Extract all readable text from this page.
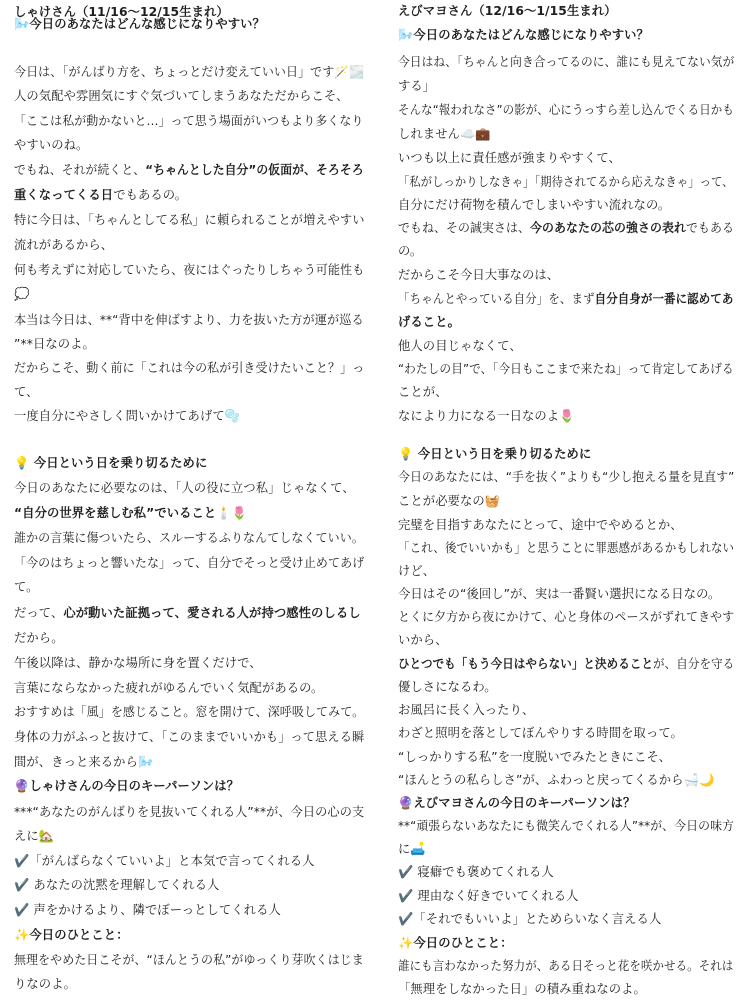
しゃけさん（11/16〜12/15生まれ）
🌬️今日のあなたはどんな感じになりやすい？
今日は、「がんばり方を、ちょっとだけ変えていい日」です🪄🌫️
人の気配や雰囲気にすぐ気づいてしまうあなただからこそ、
「ここは私が動かないと…」って思う場面がいつもより多くなり
やすいのね。
でもね、それが続くと、“ちゃんとした自分”の仮面が、そろそろ
重くなってくる日でもあるの。
特に今日は、「ちゃんとしてる私」に頼られることが増えやすい
流れがあるから、
何も考えずに対応していたら、夜にはぐったりしちゃう可能性も
💭
本当は今日は、**“背中を伸ばすより、力を抜いた方が運が巡る
”**日なのよ。
だからこそ、動く前に「これは今の私が引き受けたいこと？」っ
て、
一度自分にやさしく問いかけてあげて🫧
💡 今日という日を乗り切るために
今日のあなたに必要なのは、「人の役に立つ私」じゃなくて、
“自分の世界を慈しむ私”でいること🕯️🌷
誰かの言葉に傷ついたら、スルーするふりなんてしなくていい。
「今のはちょっと響いたな」って、自分でそっと受け止めてあげ
て。
だって、心が動いた証拠って、愛される人が持つ感性のしるし
だから。
午後以降は、静かな場所に身を置くだけで、
言葉にならなかった疲れがゆるんでいく気配があるの。
おすすめは「風」を感じること。窓を開けて、深呼吸してみて。
身体の力がふっと抜けて、「このままでいいかも」って思える瞬
間が、きっと来るから🌬️
🔮しゃけさんの今日のキーパーソンは？
***“あなたのがんばりを見抜いてくれる人”**が、今日の心の支
えに🏡
✔️「がんばらなくていいよ」と本気で言ってくれる人
✔️ あなたの沈黙を理解してくれる人
✔️ 声をかけるより、隣でぼーっとしてくれる人
✨今日のひとこと：
無理をやめた日こそが、“ほんとうの私”がゆっくり芽吹くはじま
りなのよ。
えびマヨさん（12/16〜1/15生まれ）
🌬️今日のあなたはどんな感じになりやすい？
今日はね、「ちゃんと向き合ってるのに、誰にも見えてない気が
する」
そんな“報われなさ”の影が、心にうっすら差し込んでくる日かも
しれません☁️💼
いつも以上に責任感が強まりやすくて、
「私がしっかりしなきゃ」「期待されてるから応えなきゃ」って、
自分にだけ荷物を積んでしまいやすい流れなの。
でもね、その誠実さは、今のあなたの芯の強さの表れでもある
の。
だからこそ今日大事なのは、
「ちゃんとやっている自分」を、まず自分自身が一番に認めてあ
げること。
他人の目じゃなくて、
“わたしの目”で、「今日もここまで来たね」って肯定してあげる
ことが、
なにより力になる一日なのよ🌷
💡 今日という日を乗り切るために
今日のあなたには、“手を抜く”よりも“少し抱える量を見直す”
ことが必要なの🧺
完璧を目指すあなたにとって、途中でやめるとか、
「これ、後でいいかも」と思うことに罪悪感があるかもしれない
けど、
今日はその“後回し”が、実は一番賢い選択になる日なの。
とくに夕方から夜にかけて、心と身体のペースがずれてきやす
いから、
ひとつでも「もう今日はやらない」と決めることが、自分を守る
優しさになるわ。
お風呂に長く入ったり、
わざと照明を落としてぼんやりする時間を取って。
“しっかりする私”を一度脱いでみたときにこそ、
“ほんとうの私らしさ”が、ふわっと戻ってくるから🛁🌙
🔮えびマヨさんの今日のキーパーソンは？
**“頑張らないあなたにも微笑んでくれる人”**が、今日の味方
に🛋️
✔️ 寝癖でも褒めてくれる人
✔️ 理由なく好きでいてくれる人
✔️「それでもいいよ」とためらいなく言える人
✨今日のひとこと：
誰にも言わなかった努力が、ある日そっと花を咲かせる。それは
「無理をしなかった日」の積み重ねなのよ。
